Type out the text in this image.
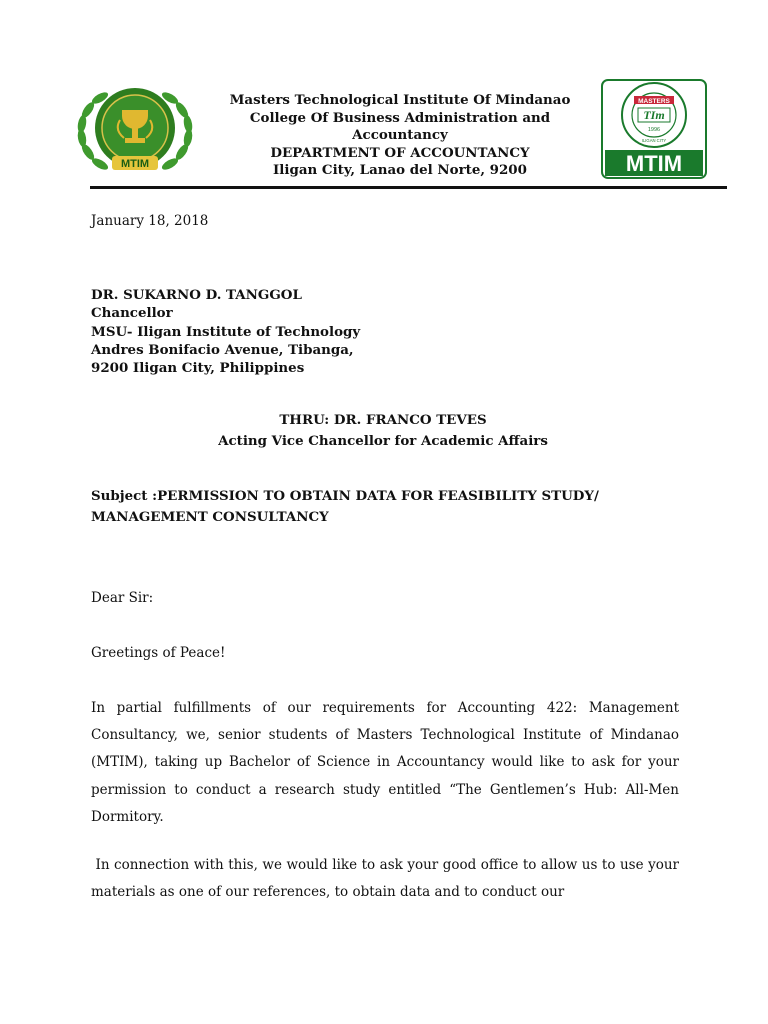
MTIM
MASTERS
TIm
1996
ILIGAN CITY
MTIM
Masters Technological Institute Of Mindanao
College Of Business Administration and Accountancy
DEPARTMENT OF ACCOUNTANCY
Iligan City, Lanao del Norte, 9200
January 18, 2018
DR. SUKARNO D. TANGGOL
Chancellor
MSU- Iligan Institute of Technology
Andres Bonifacio Avenue, Tibanga,
9200 Iligan City, Philippines
THRU: DR. FRANCO TEVES
Acting Vice Chancellor for Academic Affairs
Subject :PERMISSION TO OBTAIN DATA FOR FEASIBILITY STUDY/
MANAGEMENT CONSULTANCY
Dear Sir:
Greetings of Peace!
In partial fulfillments of our requirements for Accounting 422: Management Consultancy, we, senior students of Masters Technological Institute of Mindanao (MTIM), taking up Bachelor of Science in Accountancy would like to ask for your permission to conduct a research study entitled “The Gentlemen’s Hub: All-Men Dormitory.
In connection with this, we would like to ask your good office to allow us to use your materials as one of our references, to obtain data and to conduct our
